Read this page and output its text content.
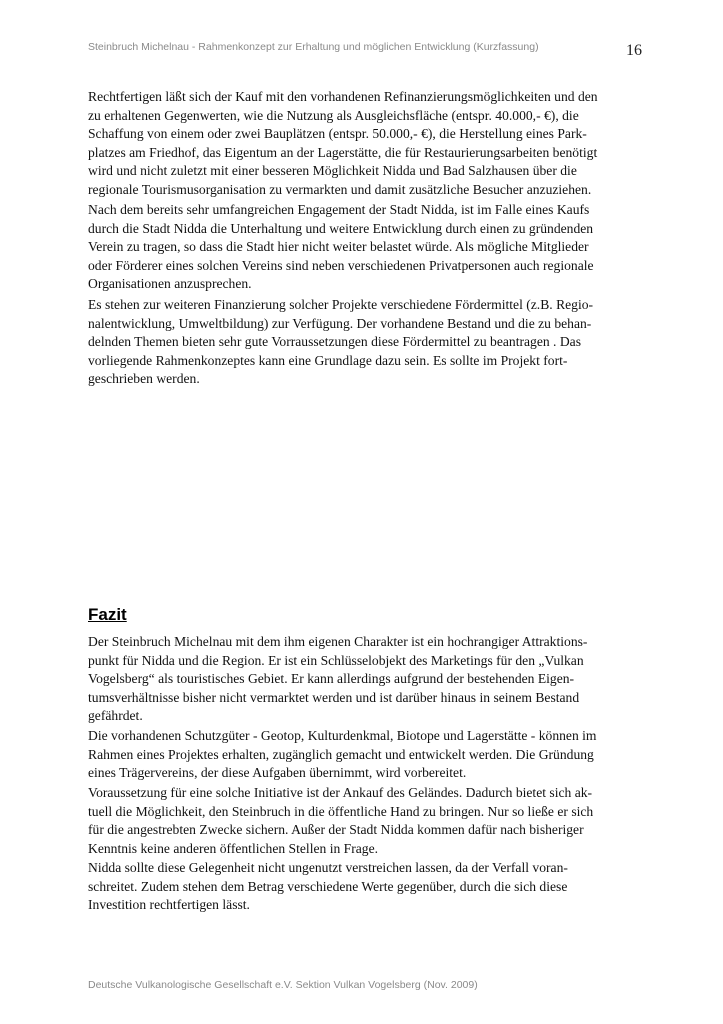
Steinbruch Michelnau - Rahmenkonzept zur Erhaltung und möglichen Entwicklung (Kurzfassung)	16

Rechtfertigen läßt sich der Kauf mit den vorhandenen Refinanzierungsmöglichkeiten und den
zu erhaltenen Gegenwerten, wie die Nutzung als Ausgleichsfläche (entspr. 40.000,- €), die
Schaffung von einem oder zwei Bauplätzen (entspr. 50.000,- €), die Herstellung eines Park-
platzes am Friedhof, das Eigentum an der Lagerstätte, die für Restaurierungsarbeiten benötigt
wird und nicht zuletzt mit einer besseren Möglichkeit Nidda und Bad Salzhausen über die
regionale Tourismusorganisation zu vermarkten und damit zusätzliche Besucher anzuziehen.

Nach dem bereits sehr umfangreichen Engagement der Stadt Nidda, ist im Falle eines Kaufs
durch die Stadt Nidda die Unterhaltung und weitere Entwicklung durch einen zu gründenden
Verein zu tragen, so dass die Stadt hier nicht weiter belastet würde. Als mögliche Mitglieder
oder Förderer eines solchen Vereins sind neben verschiedenen Privatpersonen auch regionale
Organisationen anzusprechen.

Es stehen zur weiteren Finanzierung solcher Projekte verschiedene Fördermittel (z.B. Regio-
nalentwicklung, Umweltbildung) zur Verfügung. Der vorhandene Bestand und die zu behan-
delnden Themen bieten sehr gute Vorraussetzungen diese Fördermittel zu beantragen . Das
vorliegende Rahmenkonzeptes kann eine Grundlage dazu sein. Es sollte im Projekt fort-
geschrieben werden.

Fazit

Der Steinbruch Michelnau mit dem ihm eigenen Charakter ist ein hochrangiger Attraktions-
punkt für Nidda und die Region. Er ist ein Schlüsselobjekt des Marketings für den „Vulkan
Vogelsberg“ als touristisches Gebiet. Er kann allerdings aufgrund der bestehenden Eigen-
tumsverhältnisse bisher nicht vermarktet werden und ist darüber hinaus in seinem Bestand
gefährdet.

Die vorhandenen Schutzgüter - Geotop, Kulturdenkmal, Biotope und Lagerstätte - können im
Rahmen eines Projektes erhalten, zugänglich gemacht und entwickelt werden. Die Gründung
eines Trägervereins, der diese Aufgaben übernimmt, wird vorbereitet.

Voraussetzung für eine solche Initiative ist der Ankauf des Geländes. Dadurch bietet sich ak-
tuell die Möglichkeit, den Steinbruch in die öffentliche Hand zu bringen. Nur so ließe er sich
für die angestrebten Zwecke sichern. Außer der Stadt Nidda kommen dafür nach bisheriger
Kenntnis keine anderen öffentlichen Stellen in Frage.

Nidda sollte diese Gelegenheit nicht ungenutzt verstreichen lassen, da der Verfall voran-
schreitet. Zudem stehen dem Betrag verschiedene Werte gegenüber, durch die sich diese
Investition rechtfertigen lässt.

Deutsche Vulkanologische Gesellschaft e.V. Sektion Vulkan Vogelsberg (Nov. 2009)
